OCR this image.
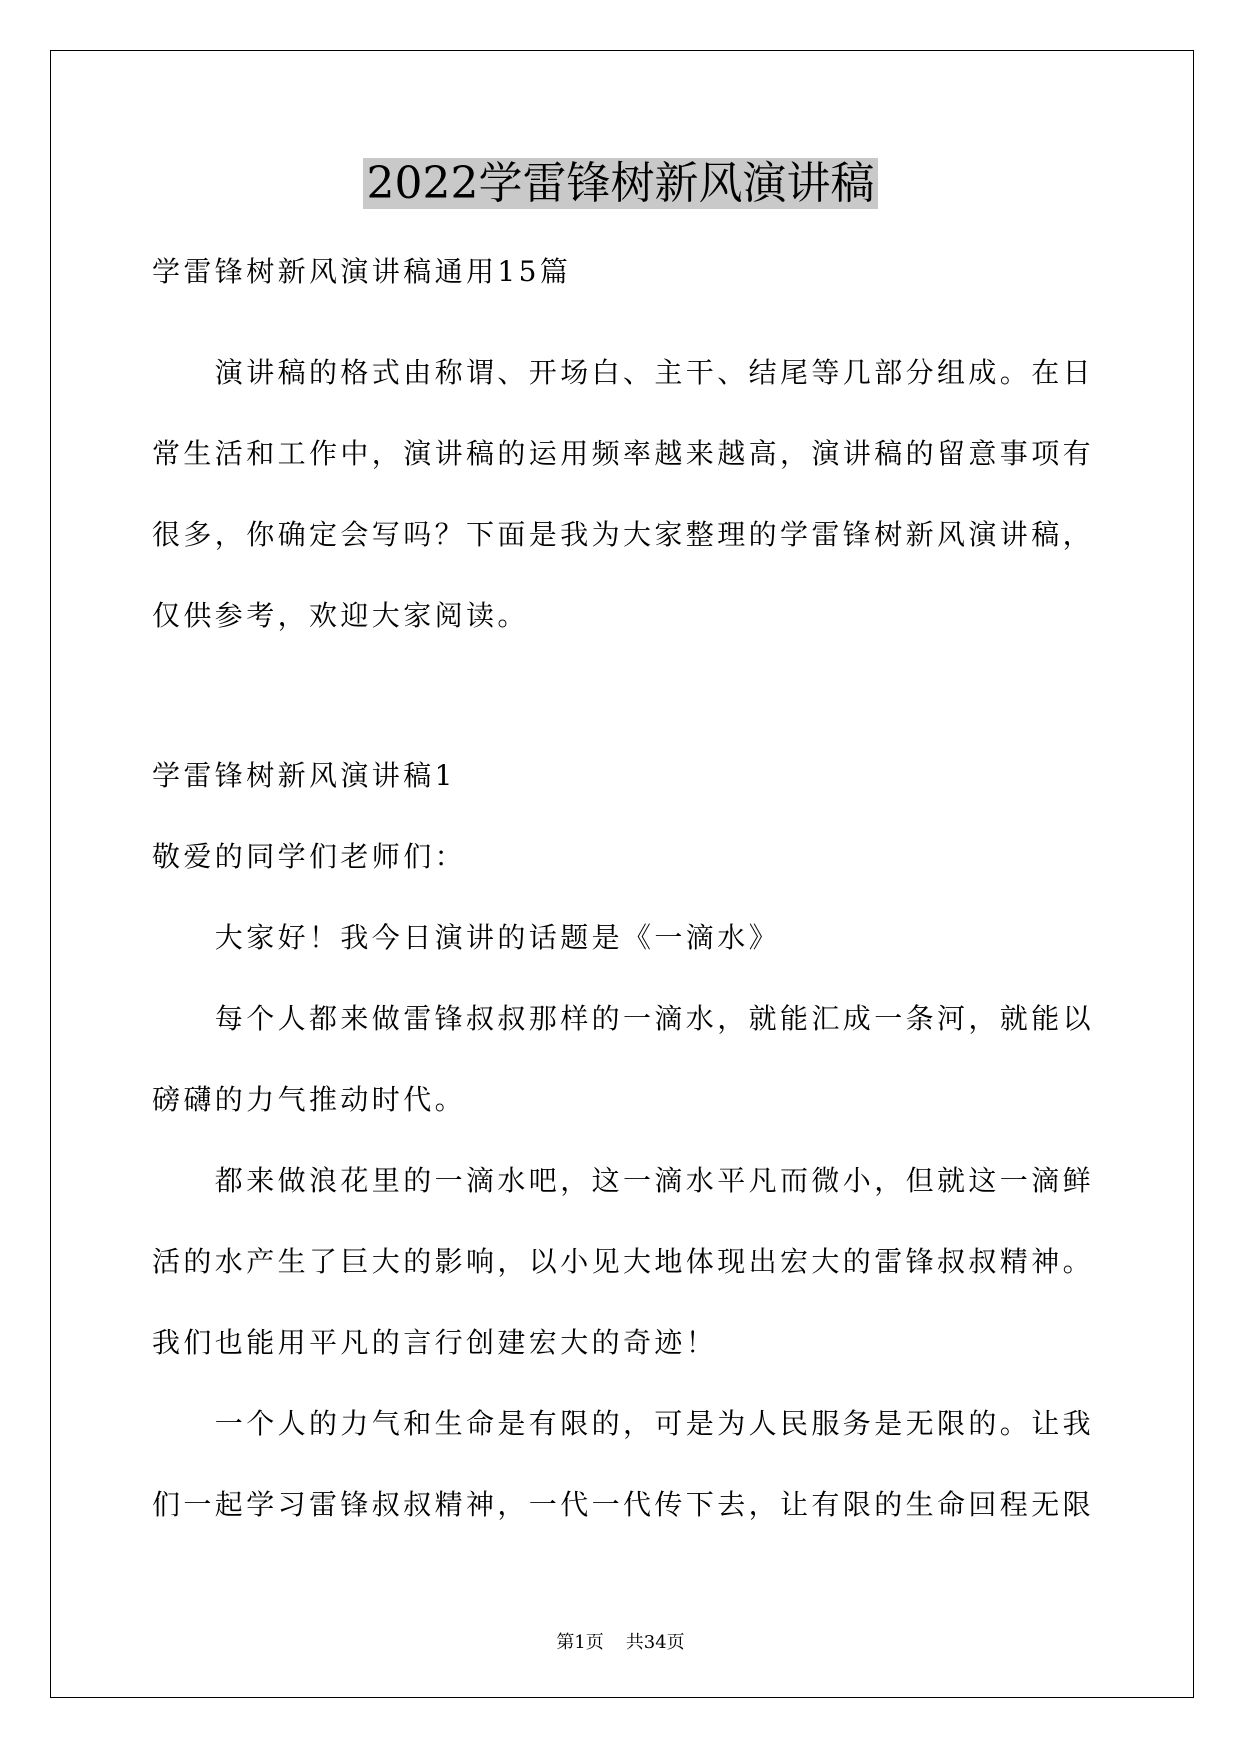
2022学雷锋树新风演讲稿
学雷锋树新风演讲稿通用15篇
　　演讲稿的格式由称谓、开场白、主干、结尾等几部分组成。在日
常生活和工作中，演讲稿的运用频率越来越高，演讲稿的留意事项有
很多，你确定会写吗？下面是我为大家整理的学雷锋树新风演讲稿，
仅供参考，欢迎大家阅读。
学雷锋树新风演讲稿1
敬爱的同学们老师们：
　　大家好！我今日演讲的话题是《一滴水》
　　每个人都来做雷锋叔叔那样的一滴水，就能汇成一条河，就能以
磅礴的力气推动时代。
　　都来做浪花里的一滴水吧，这一滴水平凡而微小，但就这一滴鲜
活的水产生了巨大的影响，以小见大地体现出宏大的雷锋叔叔精神。
我们也能用平凡的言行创建宏大的奇迹！
　　一个人的力气和生命是有限的，可是为人民服务是无限的。让我
们一起学习雷锋叔叔精神，一代一代传下去，让有限的生命回程无限
第1页 共34页
